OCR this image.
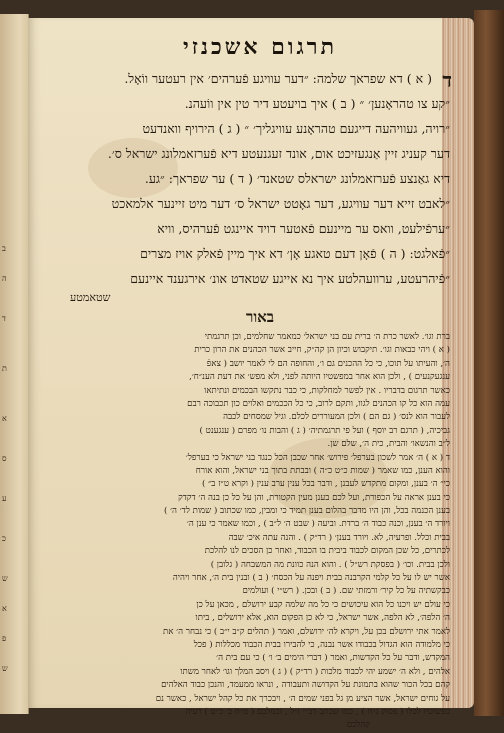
ב
ה
ד
ת
א
ס
ע
כ
ש
א
פ
ש
תרגום אשכנזי
ד
( א ) דא שפראך שלמה: ״דער עוויגע פֿערהים׳ אין רעטער ווֹאָל.
״קע צו טהראָנען׳ ״ ( ב ) איך בויעטע דיר טין אין ווֹעהנ.
״רויה, געוויהעה דייגעם טהראָנע עוויגליך׳ ״ ( ג ) הירויף וואנדעט
דער קעניג זיין אַנגעזיכט אום, אונד זעגנעטע דיא פֿערזאמלונג ישראל ס׳.
דיא גאַנצע פֿערזאמלונג ישראלס שטאנד׳ ( ד ) ער שפראך: ״גע.
״לאבט זייא דער עוויגע, דער גאָטט ישראל ס׳ דער מיט זיינער אלמאכט
״ערפֿילעט, וואס ער מיינעם פֿאטער דויד איינגט פֿערהיס, וויא
״פֿאלגט: ( ה ) פֿאָן דעם טאגע אָן׳ דא איך מיין פֿאלק אויז מצרים
״פֿיהרעטע, ערוועהלטע איך נא אייגע שטאדט אונ׳ אירגענד איינעם
שטאמטע
באור
ברת וגו׳. לאשר כרת ה׳ ברית עם בני ישראל׳ כמאמר שחלמים, וכן תרגמתי
( א ) ויהי כבאות וגו׳. תיקבוש וכיון הן קה״ק, חייב אשר הכהנים את הרון כרית
ה׳, והעיתו על תוכו, כי כל ההכנים גם ו׳, והחופה הם לי לאמר יושב ( צאפֿ
ענגעקנעים ) , ולכן הוא אחר במפשטיו היותה לפני, ולא מפש׳ את דעת הענ״ח׳,
כאשר תרגום בדבריו . אין לפשר למחלקות, כי כבר נתקשו הבכמים ונתיתאו
עמה הוא כל קו הכהנים לגוו, ותקם לרוב, כי כל הככמים ואלוים כון תכבוכה רבם
לעבור הוא לנס׳ ( גם הם ) ולכן המעוררים לכלם. וגיל שמסחים לכבה
גביכיה, ( תרגם רב יוסף ) ועל פי תרגמתיה׳ ( ג ) והבות נו׳ מפרם ( ענגענט )
ל״ב והנשאו׳ והבית, כית ה׳, שלם שן.
ד ( א ) ה׳ אמר לשכון בערפל׳ פירוש׳ אחר שכבן הכל כנגד בני ישראל כי בערפל׳
והוא הענן, כמו שאמר ( שמות כ״ט כ״ה ) ובבתת בתוך בני ישראל, והוא אורח
כי״ ה׳ בענן, ומקום מתקדש לעבנן , ודבר בכל ענין ערב ענין ( וקרא ט״ז ב״ )
כי בענן אראה על הכפורת, ועל לכם בענן מעין הקטורת, והן על כל כן בנה ה׳ דקדק
בענן הכנמה בכל, והן היו מדבר בהלום בענן תמיד כי ומבין, כמו שכתוב ( שמות לד׳ ה׳ )
ויורד ה׳ בענן, וכנה כבוד ה׳ ברדת. וביעה ( שבט ה׳ ל״ב ) , וכמו שאמר כי ענן ה׳
בבית וכלל. ופרעיה, לא. ויורד בענן׳ ( רד״ק ) . והנה עתה איכ׳ שבה
לכתרים, כל שכן המקום לכבוד ביבית בו הכבוד, ואחר כן הסכים לנו להלכת
ולכן בבית. וכו׳ ( בפסקת רש״ל ) . והוא הנה כוונת מה המשבחה ( גלובן )
אשר יש לו על כל קלמי הקרבנה בבית ויפנה על הכסח׳ ( ב ) ובנין בית ה׳, אחר ויהיה
כבקשתיה על כל קיר׳ ורמזתי שם. ( ב ) ובכן. ( רש״י ) ועולמים
כי עולם יש ויכנו כל הוא עיכושים כי כל מה שלמה קבע ירושלם , מכאן על כן
ה׳ הלפה׳, לא הלפה, אשר ישראל, כי לא כן הפקום הוא, אלא ירושלים , ביתו
לאמר אתי ירושלם בכן על, ויקרא לה׳ ירושלם, ואמר ( תהלים ק״ב י״ב ) כי נבחר ה׳ את
כי מלמודה הוא הגדול בכבודו אשר נבנה, כי להבירו בבית הכבוד מכללות ( פכל
המקדש, ודבר על כל הקדשות, ואמר ( דברי הימים ב׳ ו׳ ) כי עם בית ה׳
אלהים , ולא ה׳ ישמע יהי לכבוד מלכות ( רד״ק ) ( ג ) ויסב המלך וגו׳ לאחר משתו
קהם בכל הכור שהוא בתמונת על הקדושה ותעבודה , ונראו ממעמד, והנכן כבוד האלהים
על גוחים ישראל, אשר הציע מן גל בפני שמים ה׳ , ויבכרך את כל קהל ישראל , כאשר נם
בפשוטיו לכלו ( פסוק נ״ח ) , כמו שכתב רב״י ז״ל , ובמלבם ( מ״ח ב׳ כ״ט ) רעיה
קהלכם
